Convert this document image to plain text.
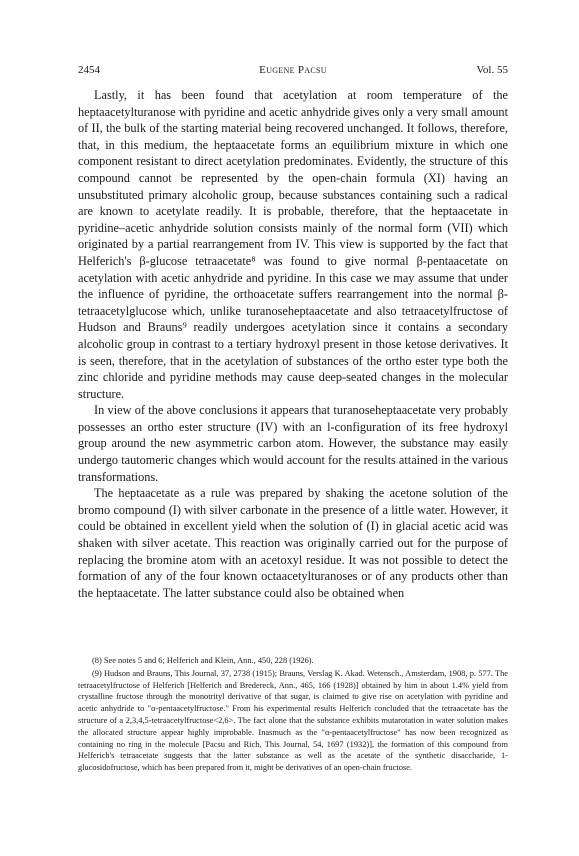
2454	Eugene Pacsu	Vol. 55

Lastly, it has been found that acetylation at room temperature of the heptaacetylturanose with pyridine and acetic anhydride gives only a very small amount of II, the bulk of the starting material being recovered unchanged. It follows, therefore, that, in this medium, the heptaacetate forms an equilibrium mixture in which one component resistant to direct acetylation predominates. Evidently, the structure of this compound cannot be represented by the open-chain formula (XI) having an unsubstituted primary alcoholic group, because substances containing such a radical are known to acetylate readily. It is probable, therefore, that the heptaacetate in pyridine–acetic anhydride solution consists mainly of the normal form (VII) which originated by a partial rearrangement from IV. This view is supported by the fact that Helferich's β-glucose tetraacetate⁸ was found to give normal β-pentaacetate on acetylation with acetic anhydride and pyridine. In this case we may assume that under the influence of pyridine, the orthoacetate suffers rearrangement into the normal β-tetraacetylglucose which, unlike turanoseheptaacetate and also tetraacetylfructose of Hudson and Brauns⁹ readily undergoes acetylation since it contains a secondary alcoholic group in contrast to a tertiary hydroxyl present in those ketose derivatives. It is seen, therefore, that in the acetylation of substances of the ortho ester type both the zinc chloride and pyridine methods may cause deep-seated changes in the molecular structure.

In view of the above conclusions it appears that turanoseheptaacetate very probably possesses an ortho ester structure (IV) with an l-configuration of its free hydroxyl group around the new asymmetric carbon atom. However, the substance may easily undergo tautomeric changes which would account for the results attained in the various transformations.

The heptaacetate as a rule was prepared by shaking the acetone solution of the bromo compound (I) with silver carbonate in the presence of a little water. However, it could be obtained in excellent yield when the solution of (I) in glacial acetic acid was shaken with silver acetate. This reaction was originally carried out for the purpose of replacing the bromine atom with an acetoxyl residue. It was not possible to detect the formation of any of the four known octaacetylturanoses or of any products other than the heptaacetate. The latter substance could also be obtained when

(8) See notes 5 and 6; Helferich and Klein, Ann., 450, 228 (1926).

(9) Hudson and Brauns, This Journal, 37, 2738 (1915); Brauns, Verslag K. Akad. Wetensch., Amsterdam, 1908, p. 577. The tetraacetylfructose of Helferich [Helferich and Bredereck, Ann., 465, 166 (1928)] obtained by him in about 1.4% yield from crystalline fructose through the monotrityl derivative of that sugar, is claimed to give rise on acetylation with pyridine and acetic anhydride to "α-pentaacetylfructose." From his experimental results Helferich concluded that the tetraacetate has the structure of a 2,3,4,5-tetraacetylfructose<2,6>. The fact alone that the substance exhibits mutarotation in water solution makes the allocated structure appear highly improbable. Inasmuch as the "α-pentaacetylfructose" has now been recognized as containing no ring in the molecule [Pacsu and Rich, This Journal, 54, 1697 (1932)], the formation of this compound from Helferich's tetraacetate suggests that the latter substance as well as the acetate of the synthetic disaccharide, 1-glucosidofructose, which has been prepared from it, might be derivatives of an open-chain fructose.
